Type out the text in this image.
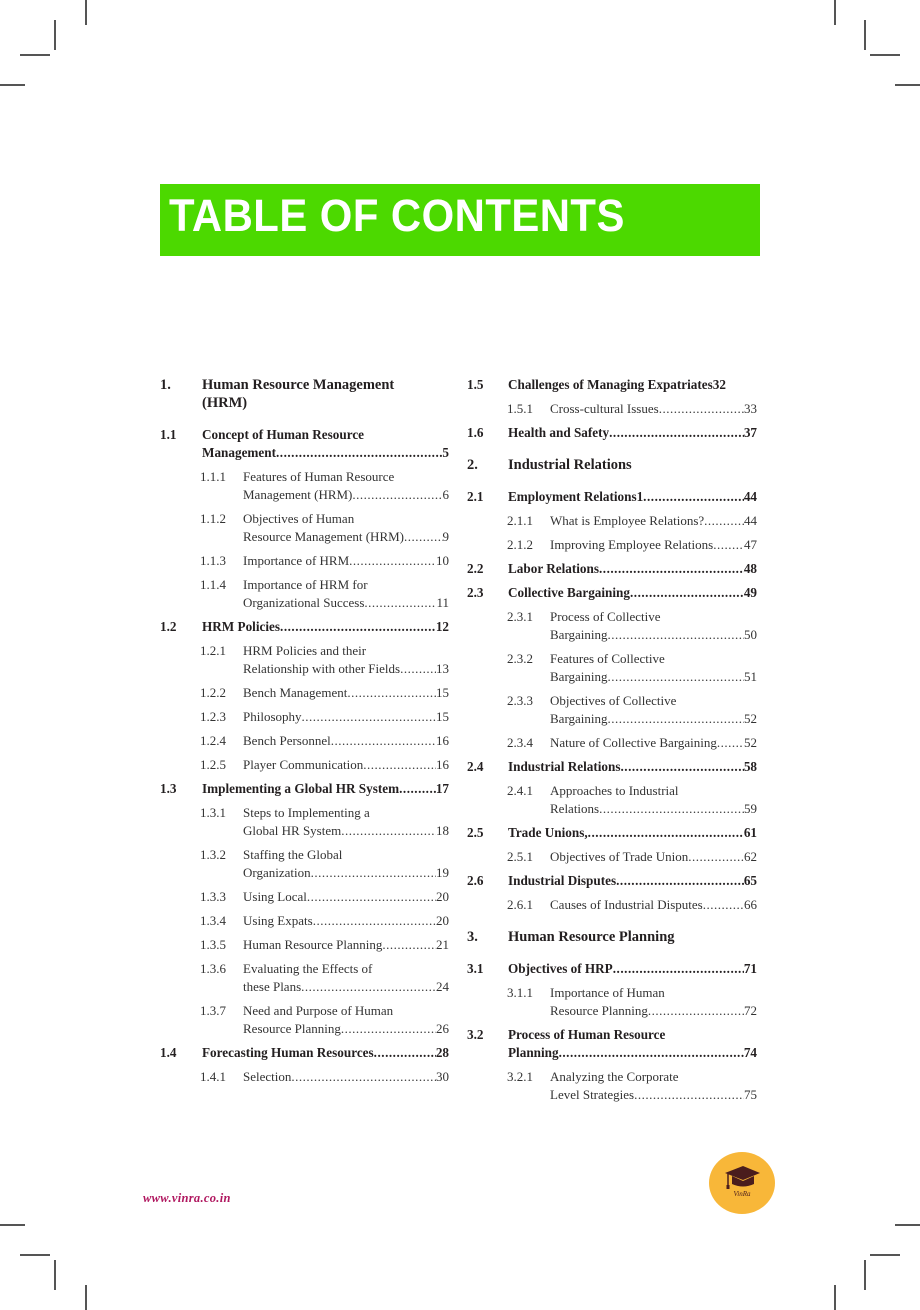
TABLE OF CONTENTS
1. Human Resource Management
(HRM)
1.1 Concept of Human Resource
Management .....	5
1.1.1 Features of Human Resource
Management (HRM) .....	6
1.1.2 Objectives of Human
Resource Management (HRM) .....	9
1.1.3 Importance of HRM .....	10
1.1.4 Importance of HRM for
Organizational Success .....	11
1.2 HRM Policies .....	12
1.2.1 HRM Policies and their
Relationship with other Fields .....	13
1.2.2 Bench Management .....	15
1.2.3 Philosophy .....	15
1.2.4 Bench Personnel .....	16
1.2.5 Player Communication .....	16
1.3 Implementing a Global HR System .....	17
1.3.1 Steps to Implementing a
Global HR System .....	18
1.3.2 Staffing the Global
Organization .....	19
1.3.3 Using Local .....	20
1.3.4 Using Expats .....	20
1.3.5 Human Resource Planning .....	21
1.3.6 Evaluating the Effects of
these Plans .....	24
1.3.7 Need and Purpose of Human
Resource Planning .....	26
1.4 Forecasting Human Resources .....	28
1.4.1 Selection .....	30
1.5 Challenges of Managing Expatriates 32
1.5.1 Cross-cultural Issues .....	33
1.6 Health and Safety .....	37
2. Industrial Relations
2.1 Employment Relations1 .....	44
2.1.1 What is Employee Relations? .....	44
2.1.2 Improving Employee Relations ..... 47
2.2 Labor Relations .....	48
2.3 Collective Bargaining .....	49
2.3.1 Process of Collective
Bargaining .....	50
2.3.2 Features of Collective
Bargaining .....	51
2.3.3 Objectives of Collective
Bargaining .....	52
2.3.4 Nature of Collective Bargaining ..... 52
2.4 Industrial Relations .....	58
2.4.1 Approaches to Industrial
Relations .....	59
2.5 Trade Unions, .....	61
2.5.1 Objectives of Trade Union .....	62
2.6 Industrial Disputes .....	65
2.6.1 Causes of Industrial Disputes .....	66
3. Human Resource Planning
3.1 Objectives of HRP .....	71
3.1.1 Importance of Human
Resource Planning .....	72
3.2 Process of Human Resource
Planning .....	74
3.2.1 Analyzing the Corporate
Level Strategies .....	75
www.vinra.co.in	VinRa
